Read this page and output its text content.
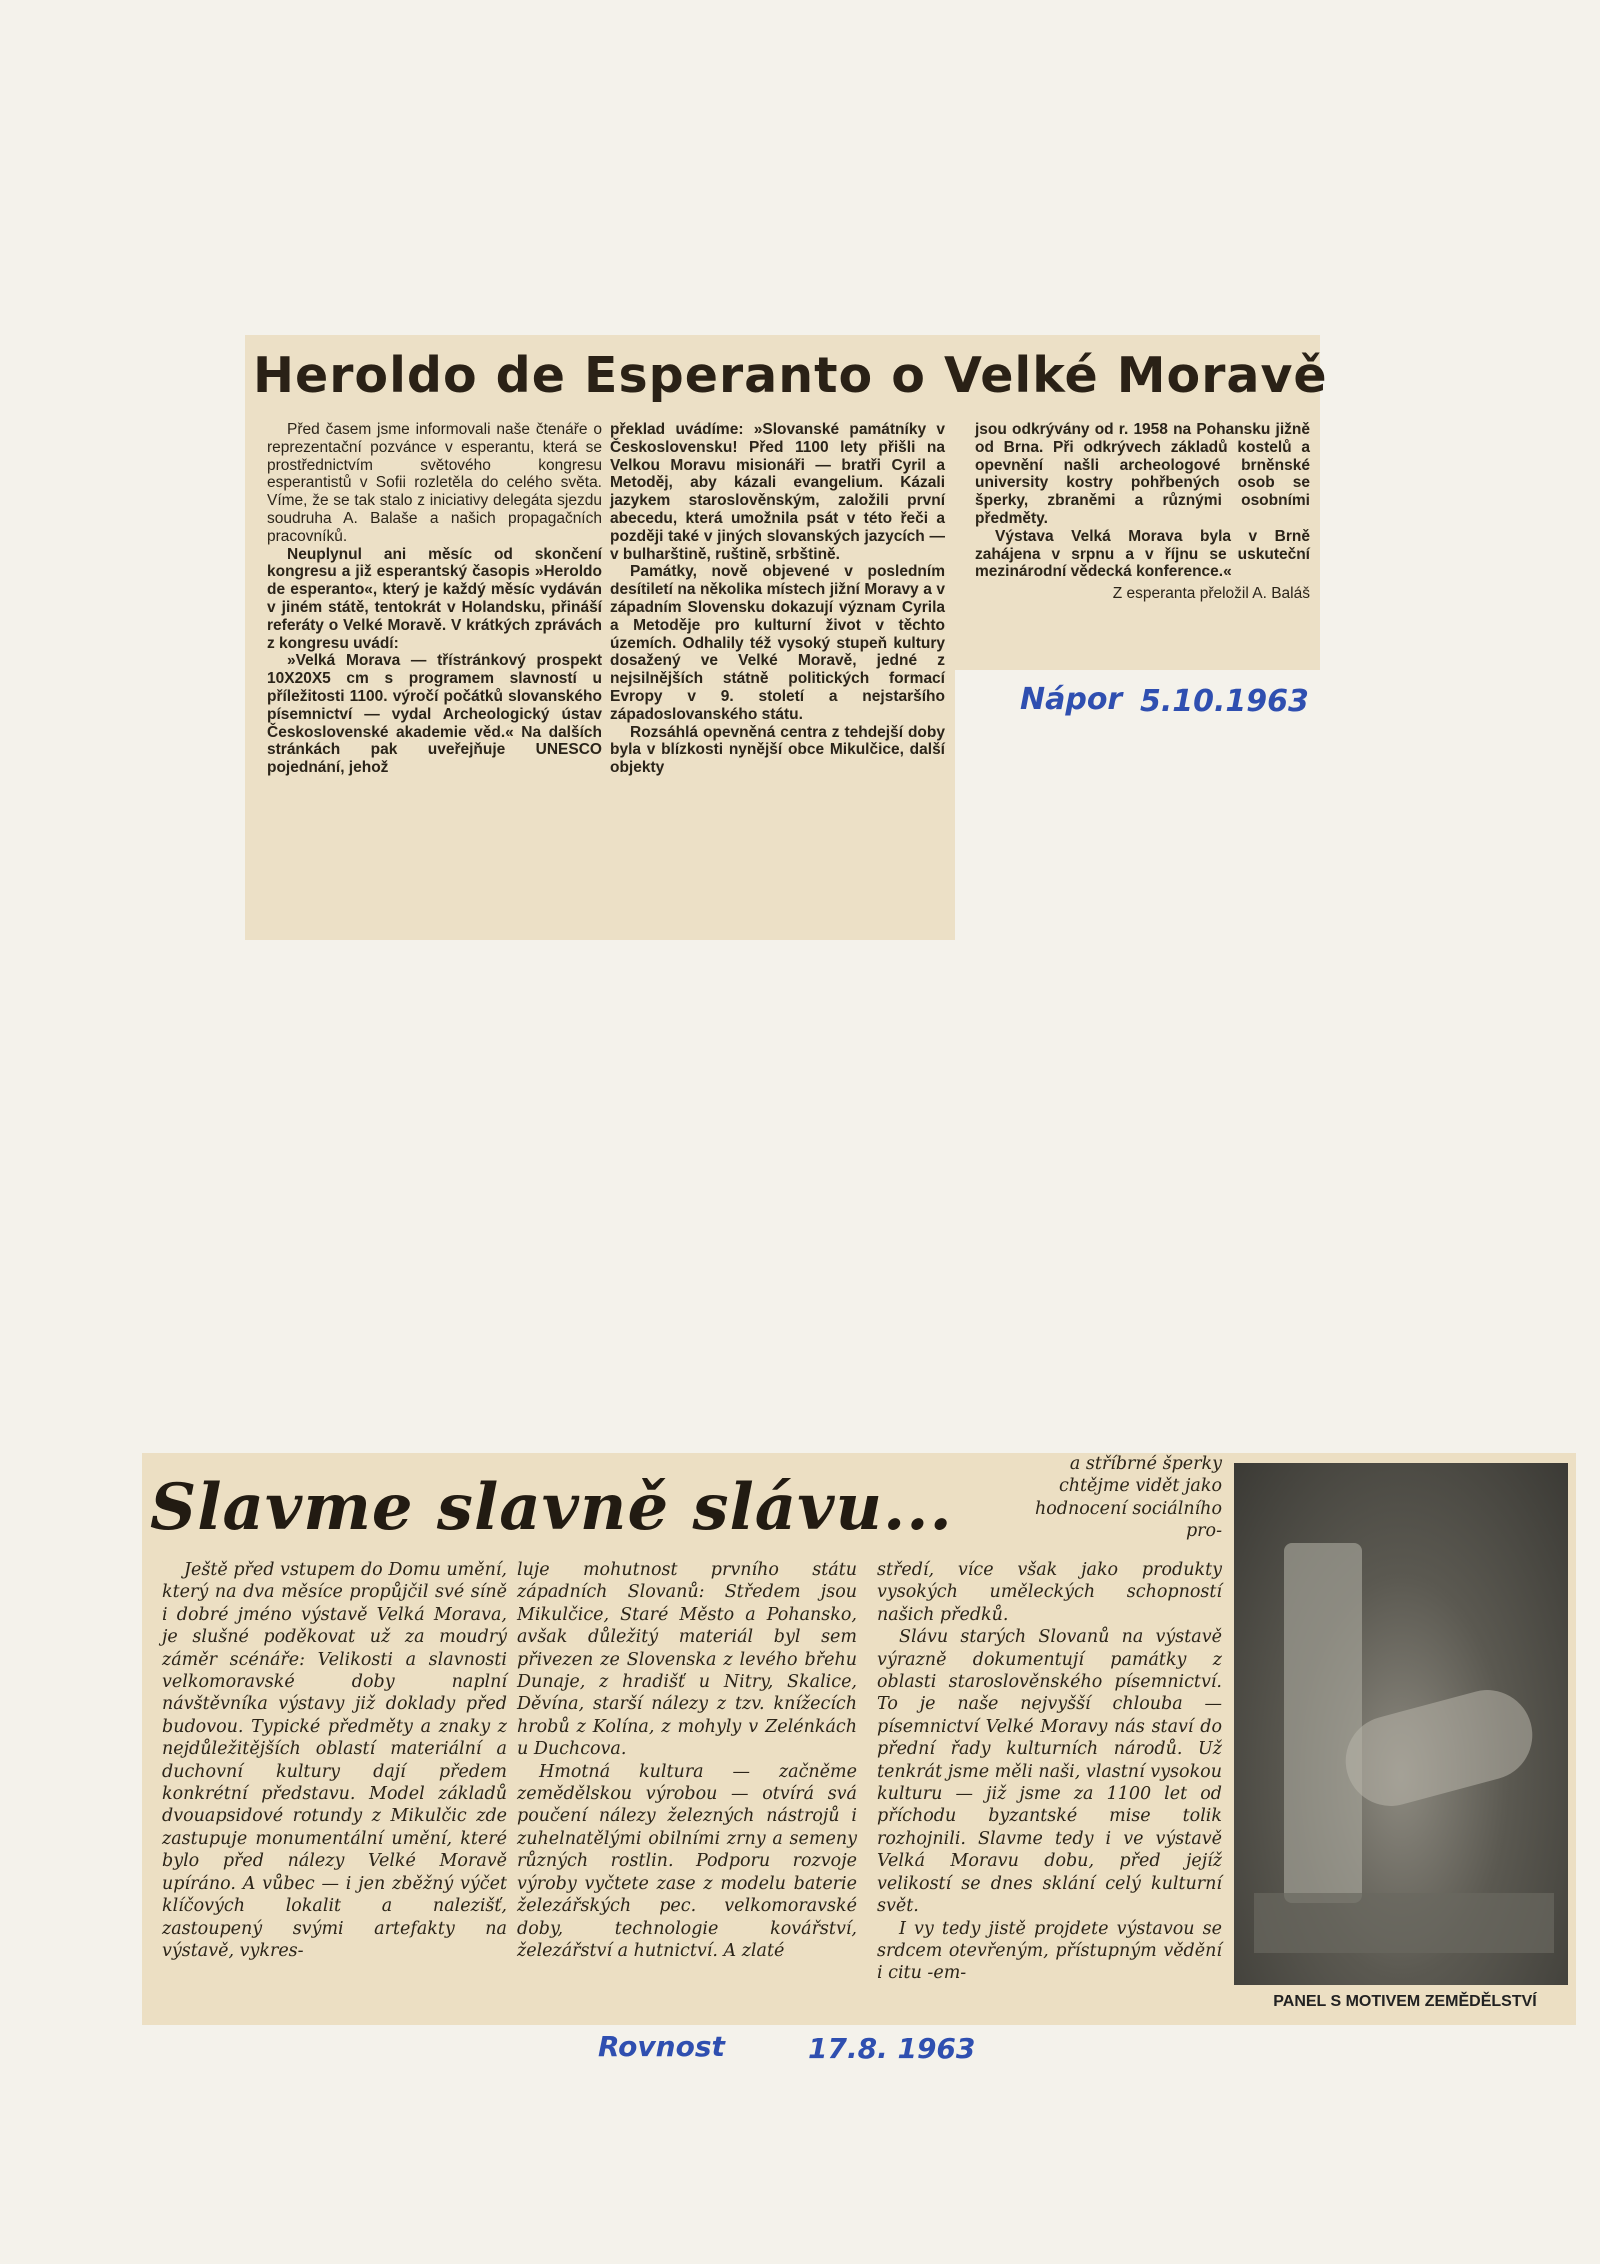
Heroldo de Esperanto o Velké Moravě

Před časem jsme informovali naše čtenáře o reprezentační pozvánce v esperantu, která se prostřednictvím světového kongresu esperantistů v Sofii rozletěla do celého světa. Víme, že se tak stalo z iniciativy delegáta sjezdu soudruha A. Balaše a našich propagačních pracovníků.

Neuplynul ani měsíc od skončení kongresu a již esperantský časopis »Heroldo de esperanto«, který je každý měsíc vydáván v jiném státě, tentokrát v Holandsku, přináší referáty o Velké Moravě. V krátkých zprávách z kongresu uvádí:

»Velká Morava — třístránkový prospekt 10X20X5 cm s programem slavností u příležitosti 1100. výročí počátků slovanského písemnictví — vydal Archeologický ústav Československé akademie věd.« Na dalších stránkách pak uveřejňuje UNESCO pojednání, jehož

překlad uvádíme: »Slovanské památníky v Československu! Před 1100 lety přišli na Velkou Moravu misionáři — bratři Cyril a Metoděj, aby kázali evangelium. Kázali jazykem staroslověnským, založili první abecedu, která umožnila psát v této řeči a později také v jiných slovanských jazycích — v bulharštině, ruštině, srbštině.

Památky, nově objevené v posledním desítiletí na několika místech jižní Moravy a v západním Slovensku dokazují význam Cyrila a Metoděje pro kulturní život v těchto územích. Odhalily též vysoký stupeň kultury dosažený ve Velké Moravě, jedné z nejsilnějších státně politických formací Evropy v 9. století a nejstaršího západoslovanského státu.

Rozsáhlá opevněná centra z tehdejší doby byla v blízkosti nynější obce Mikulčice, další objekty

jsou odkrývány od r. 1958 na Pohansku jižně od Brna. Při odkrývech základů kostelů a opevnění našli archeologové brněnské university kostry pohřbených osob se šperky, zbraněmi a různými osobními předměty.

Výstava Velká Morava byla v Brně zahájena v srpnu a v říjnu se uskuteční mezinárodní vědecká konference.«

Z esperanta přeložil A. Baláš

Nápor 5.10.1963
Slavme slavně slávu...

a stříbrné šperky chtějme vidět jako hodnocení sociálního pro-

Ještě před vstupem do Domu umění, který na dva měsíce propůjčil své síně i dobré jméno výstavě Velká Morava, je slušné poděkovat už za moudrý záměr scénáře: Velikosti a slavnosti velkomoravské doby naplní návštěvníka výstavy již doklady před budovou. Typické předměty a znaky z nejdůležitějších oblastí materiální a duchovní kultury dají předem konkrétní představu. Model základů dvouapsidové rotundy z Mikulčic zde zastupuje monumentální umění, které bylo před nálezy Velké Moravě upíráno. A vůbec — i jen zběžný výčet klíčových lokalit a nalezišť, zastoupený svými artefakty na výstavě, vykres-

luje mohutnost prvního státu západních Slovanů: Středem jsou Mikulčice, Staré Město a Pohansko, avšak důležitý materiál byl sem přivezen ze Slovenska z levého břehu Dunaje, z hradišť u Nitry, Skalice, Děvína, starší nálezy z tzv. knížecích hrobů z Kolína, z mohyly v Zelénkách u Duchcova.

Hmotná kultura — začněme zemědělskou výrobou — otvírá svá poučení nálezy železných nástrojů i zuhelnatělými obilními zrny a semeny různých rostlin. Podporu rozvoje výroby vyčtete zase z modelu baterie železářských pec. velkomoravské doby, technologie kovářství, železářství a hutnictví. A zlaté

středí, více však jako produkty vysokých uměleckých schopností našich předků.

Slávu starých Slovanů na výstavě výrazně dokumentují památky z oblasti staroslověnského písemnictví. To je naše nejvyšší chlouba — písemnictví Velké Moravy nás staví do přední řady kulturních národů. Už tenkrát jsme měli naši, vlastní vysokou kulturu — již jsme za 1100 let od příchodu byzantské mise tolik rozhojnili. Slavme tedy i ve výstavě Velká Moravu dobu, před jejíž velikostí se dnes sklání celý kulturní svět.

I vy tedy jistě projdete výstavou se srdcem otevřeným, přístupným vědění i citu -em-

PANEL S MOTIVEM ZEMĚDĚLSTVÍ
Rovnost	17.8. 1963
